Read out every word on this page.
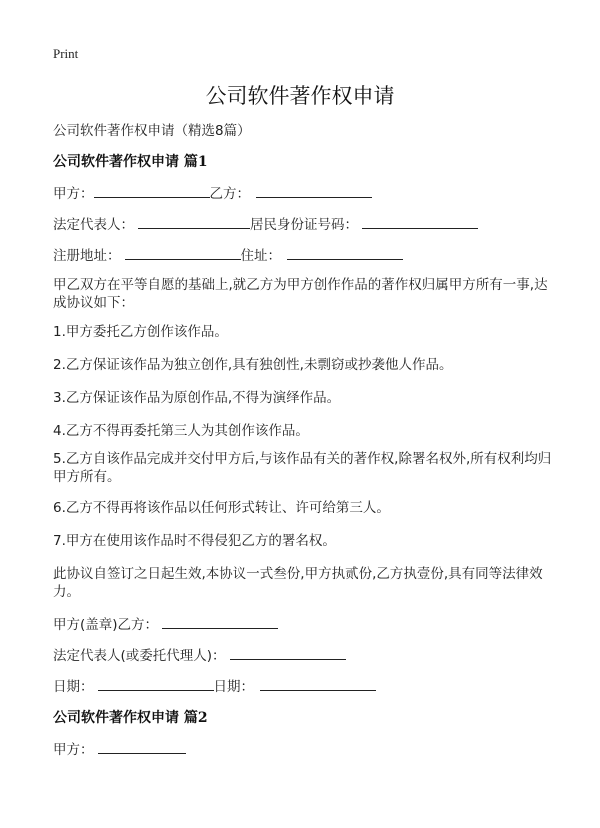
Print
公司软件著作权申请
公司软件著作权申请（精选8篇）
公司软件著作权申请 篇1
甲方：	乙方：
法定代表人：	居民身份证号码：
注册地址：	住址：
甲乙双方在平等自愿的基础上,就乙方为甲方创作作品的著作权归属甲方所有一事,达成协议如下：
1.甲方委托乙方创作该作品。
2.乙方保证该作品为独立创作,具有独创性,未剽窃或抄袭他人作品。
3.乙方保证该作品为原创作品,不得为演绎作品。
4.乙方不得再委托第三人为其创作该作品。
5.乙方自该作品完成并交付甲方后,与该作品有关的著作权,除署名权外,所有权利均归甲方所有。
6.乙方不得再将该作品以任何形式转让、许可给第三人。
7.甲方在使用该作品时不得侵犯乙方的署名权。
此协议自签订之日起生效,本协议一式叁份,甲方执贰份,乙方执壹份,具有同等法律效力。
甲方(盖章)乙方：
法定代表人(或委托代理人)：
日期：	日期：
公司软件著作权申请 篇2
甲方：
